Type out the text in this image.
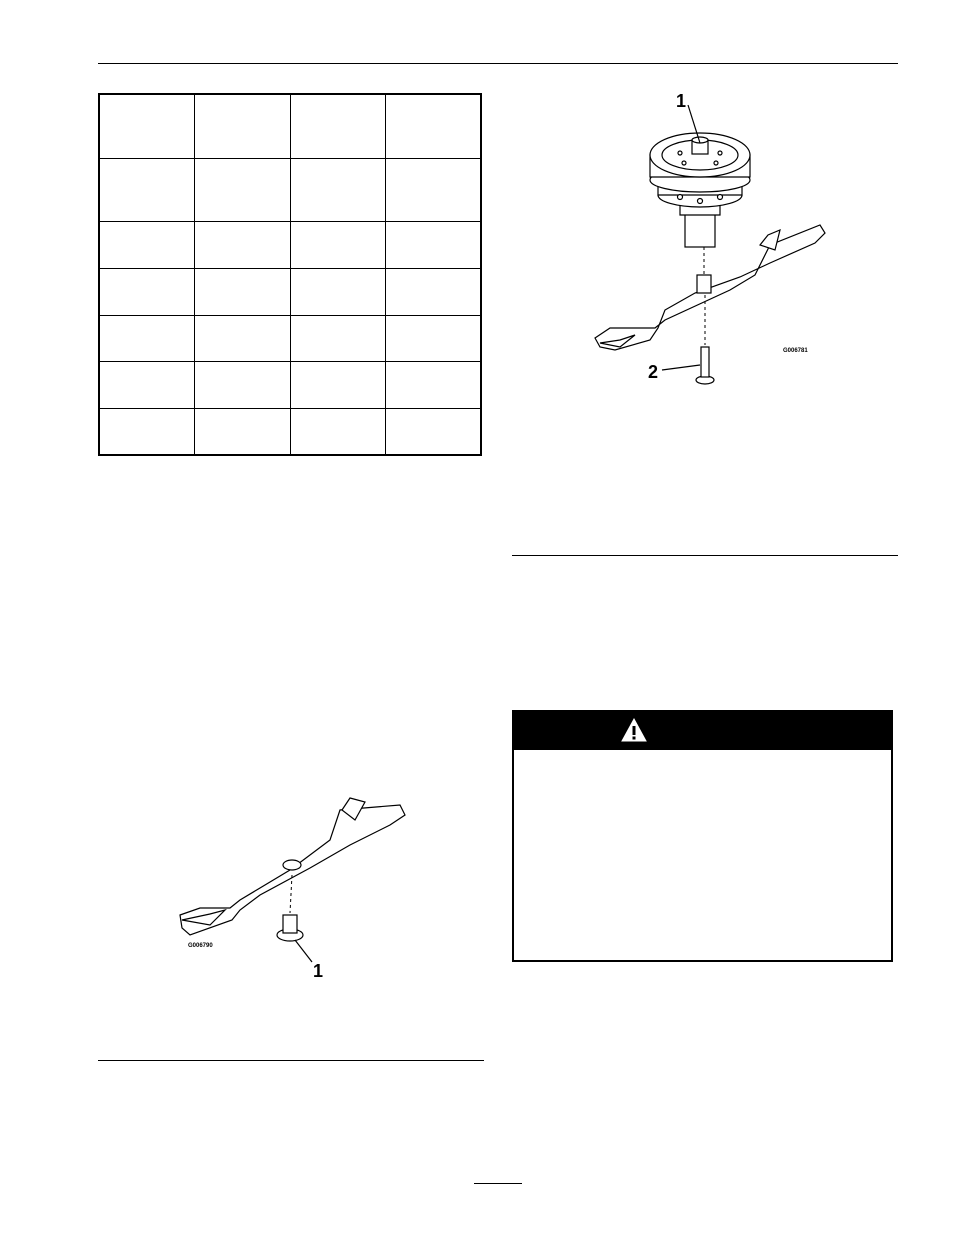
1
2
G006781
1
G006790
